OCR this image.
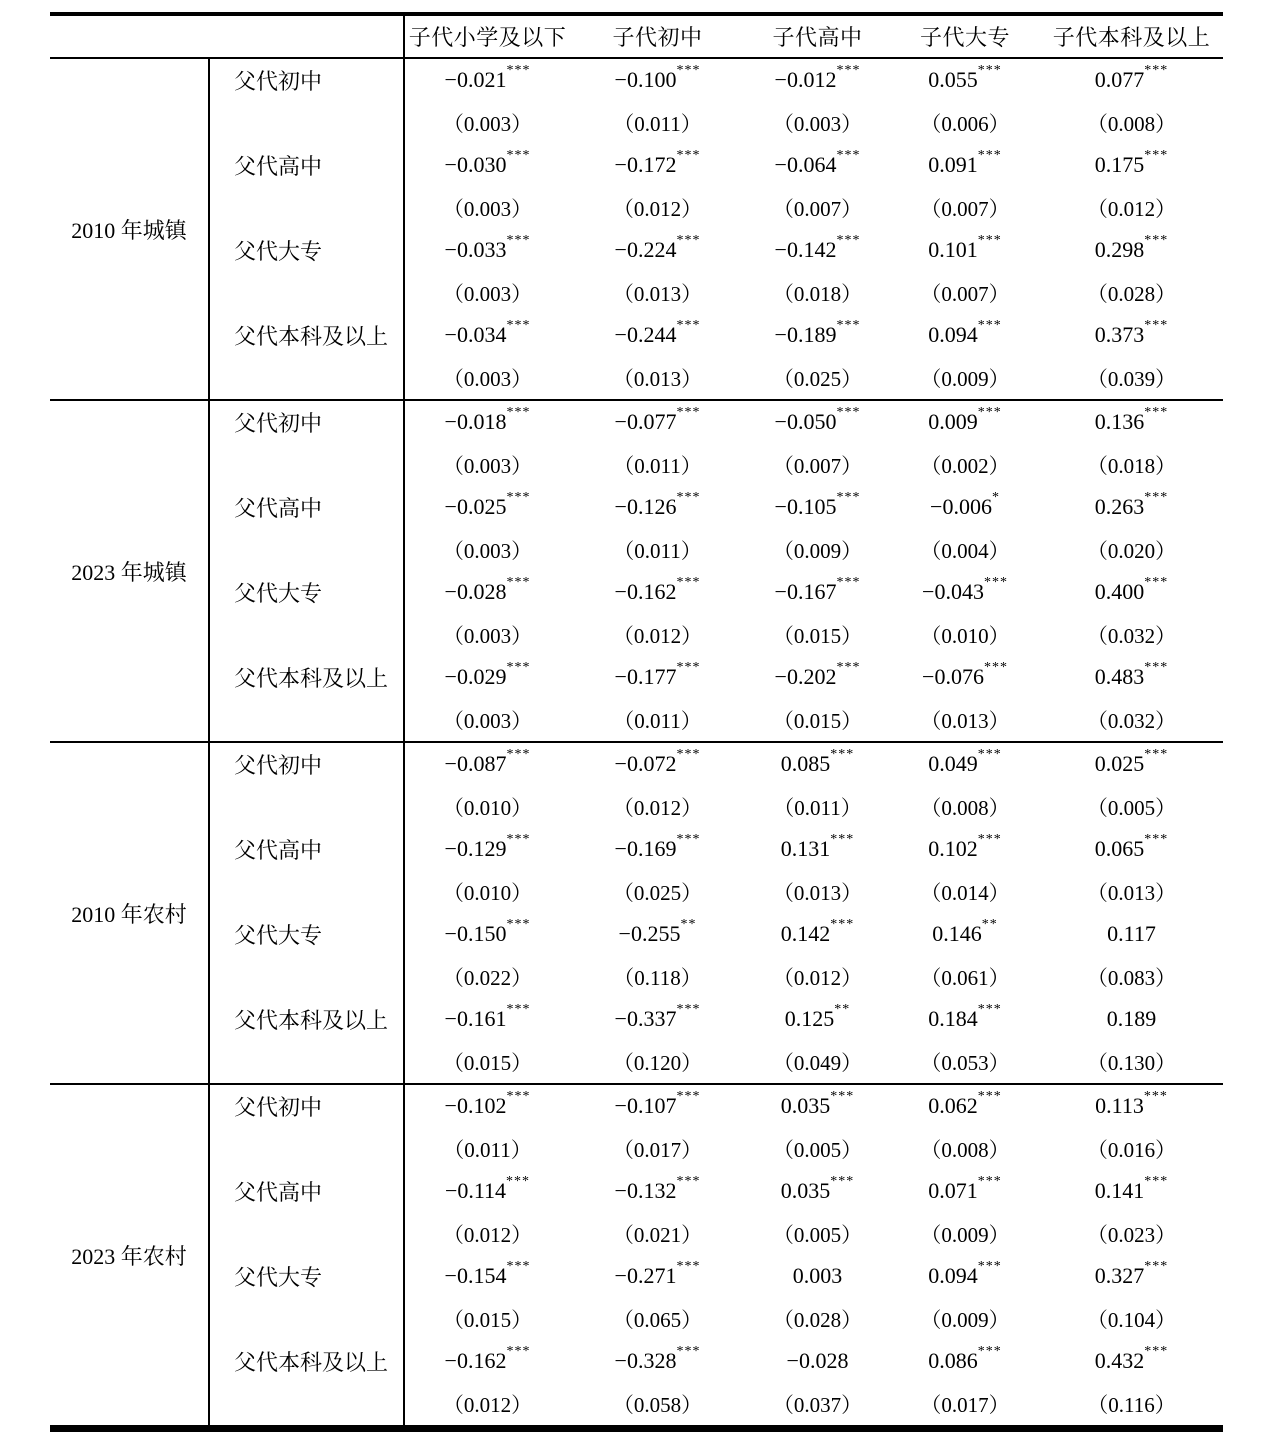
子代小学及以下	子代初中	子代高中	子代大专	子代本科及以上
2010 年城镇
父代初中	−0.021 ***	−0.100 ***	−0.012 ***	0.055 ***	0.077 ***
（0.003）	（0.011）	（0.003）	（0.006）	（0.008）
父代高中	−0.030 ***	−0.172 ***	−0.064 ***	0.091 ***	0.175 ***
（0.003）	（0.012）	（0.007）	（0.007）	（0.012）
父代大专	−0.033 ***	−0.224 ***	−0.142 ***	0.101 ***	0.298 ***
（0.003）	（0.013）	（0.018）	（0.007）	（0.028）
父代本科及以上	−0.034 ***	−0.244 ***	−0.189 ***	0.094 ***	0.373 ***
（0.003）	（0.013）	（0.025）	（0.009）	（0.039）
2023 年城镇
父代初中	−0.018 ***	−0.077 ***	−0.050 ***	0.009 ***	0.136 ***
（0.003）	（0.011）	（0.007）	（0.002）	（0.018）
父代高中	−0.025 ***	−0.126 ***	−0.105 ***	−0.006 *	0.263 ***
（0.003）	（0.011）	（0.009）	（0.004）	（0.020）
父代大专	−0.028 ***	−0.162 ***	−0.167 ***	−0.043 ***	0.400 ***
（0.003）	（0.012）	（0.015）	（0.010）	（0.032）
父代本科及以上	−0.029 ***	−0.177 ***	−0.202 ***	−0.076 ***	0.483 ***
（0.003）	（0.011）	（0.015）	（0.013）	（0.032）
2010 年农村
父代初中	−0.087 ***	−0.072 ***	0.085 ***	0.049 ***	0.025 ***
（0.010）	（0.012）	（0.011）	（0.008）	（0.005）
父代高中	−0.129 ***	−0.169 ***	0.131 ***	0.102 ***	0.065 ***
（0.010）	（0.025）	（0.013）	（0.014）	（0.013）
父代大专	−0.150 ***	−0.255 **	0.142 ***	0.146 **	0.117
（0.022）	（0.118）	（0.012）	（0.061）	（0.083）
父代本科及以上	−0.161 ***	−0.337 ***	0.125 **	0.184 ***	0.189
（0.015）	（0.120）	（0.049）	（0.053）	（0.130）
2023 年农村
父代初中	−0.102 ***	−0.107 ***	0.035 ***	0.062 ***	0.113 ***
（0.011）	（0.017）	（0.005）	（0.008）	（0.016）
父代高中	−0.114 ***	−0.132 ***	0.035 ***	0.071 ***	0.141 ***
（0.012）	（0.021）	（0.005）	（0.009）	（0.023）
父代大专	−0.154 ***	−0.271 ***	0.003	0.094 ***	0.327 ***
（0.015）	（0.065）	（0.028）	（0.009）	（0.104）
父代本科及以上	−0.162 ***	−0.328 ***	−0.028	0.086 ***	0.432 ***
（0.012）	（0.058）	（0.037）	（0.017）	（0.116）
